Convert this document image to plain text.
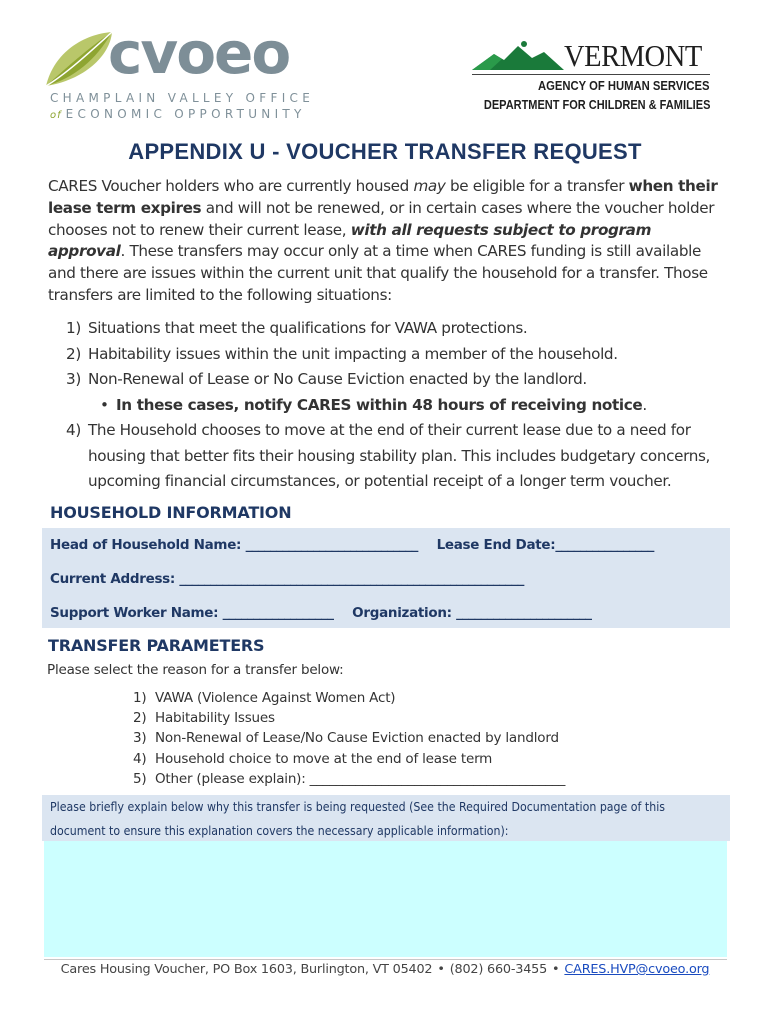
cvoeo
CHAMPLAIN VALLEY OFFICE
of ECONOMIC OPPORTUNITY
VERMONT
AGENCY OF HUMAN SERVICES
DEPARTMENT FOR CHILDREN & FAMILIES
APPENDIX U - VOUCHER TRANSFER REQUEST
CARES Voucher holders who are currently housed may be eligible for a transfer when their lease term expires and will not be renewed, or in certain cases where the voucher holder chooses not to renew their current lease, with all requests subject to program approval. These transfers may occur only at a time when CARES funding is still available and there are issues within the current unit that qualify the household for a transfer. Those transfers are limited to the following situations:
1) Situations that meet the qualifications for VAWA protections.
2) Habitability issues within the unit impacting a member of the household.
3) Non-Renewal of Lease or No Cause Eviction enacted by the landlord.
• In these cases, notify CARES within 48 hours of receiving notice.
4) The Household chooses to move at the end of their current lease due to a need for housing that better fits their housing stability plan. This includes budgetary concerns, upcoming financial circumstances, or potential receipt of a longer term voucher.
HOUSEHOLD INFORMATION
Head of Household Name: ____________________________ Lease End Date:________________
Current Address: ________________________________________________________
Support Worker Name: __________________ Organization: ______________________
TRANSFER PARAMETERS
Please select the reason for a transfer below:
1) VAWA (Violence Against Women Act)
2) Habitability Issues
3) Non-Renewal of Lease/No Cause Eviction enacted by landlord
4) Household choice to move at the end of lease term
5) Other (please explain): _______________________________________
Please briefly explain below why this transfer is being requested (See the Required Documentation page of this
document to ensure this explanation covers the necessary applicable information):
Cares Housing Voucher, PO Box 1603, Burlington, VT 05402 • (802) 660-3455 • CARES.HVP@cvoeo.org
